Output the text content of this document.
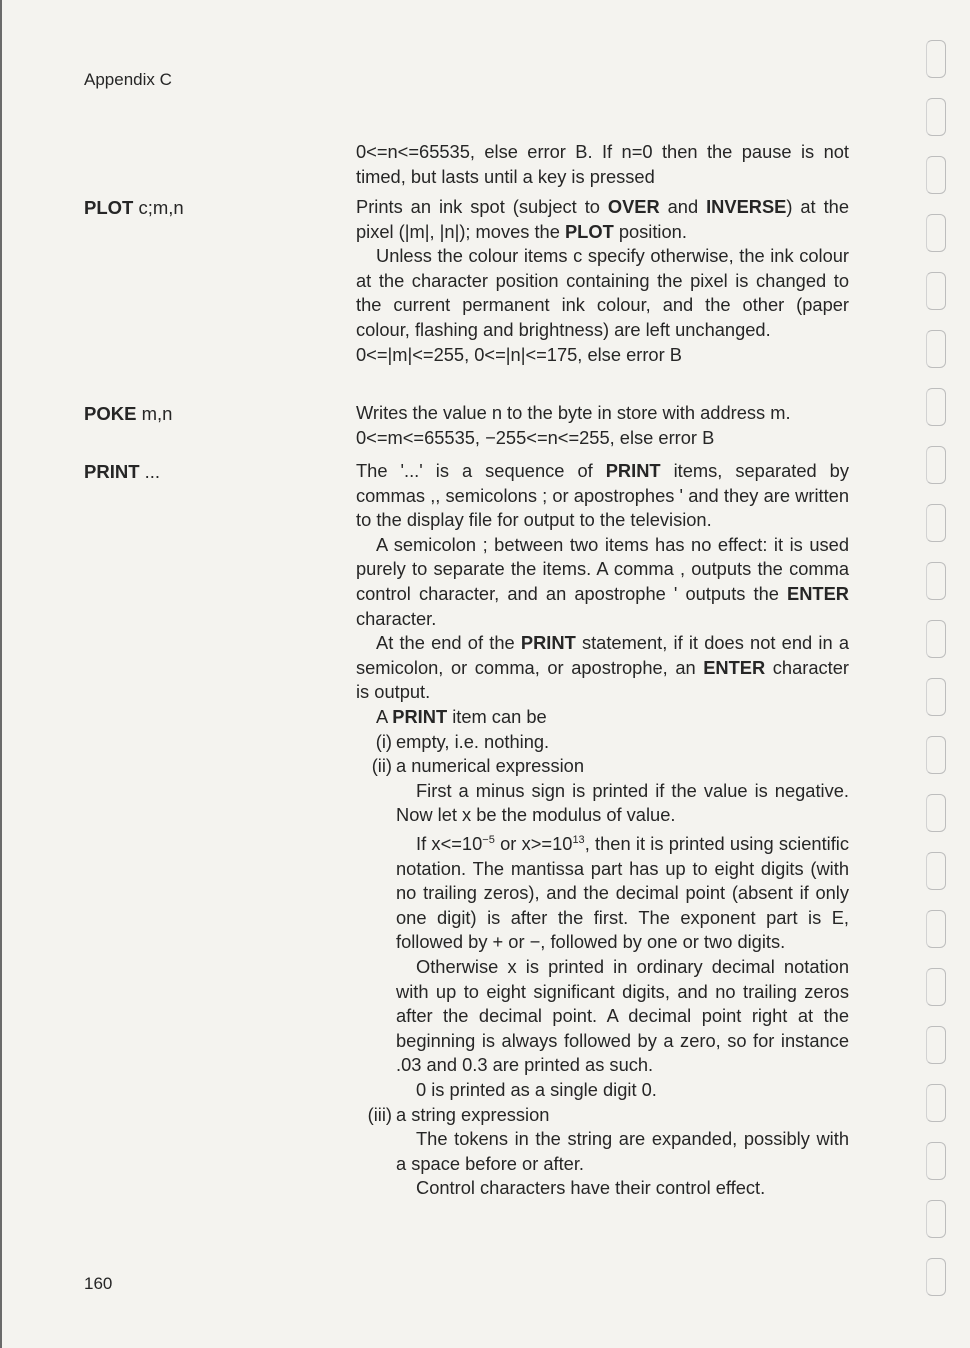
Appendix C

0<=n<=65535, else error B. If n=0 then the pause is not timed, but lasts until a key is pressed

PLOT c;m,n	Prints an ink spot (subject to OVER and INVERSE) at the pixel (|m|, |n|); moves the PLOT position.

Unless the colour items c specify otherwise, the ink colour at the character position containing the pixel is changed to the current permanent ink colour, and the other (paper colour, flashing and brightness) are left unchanged.

0<=|m|<=255, 0<=|n|<=175, else error B

POKE m,n	Writes the value n to the byte in store with address m.

0<=m<=65535, −255<=n<=255, else error B

PRINT ...	The '...' is a sequence of PRINT items, separated by commas ,, semicolons ; or apostrophes ' and they are written to the display file for output to the television.

A semicolon ; between two items has no effect: it is used purely to separate the items. A comma , outputs the comma control character, and an apostrophe ' outputs the ENTER character.

At the end of the PRINT statement, if it does not end in a semicolon, or comma, or apostrophe, an ENTER character is output.

A PRINT item can be

(i) empty, i.e. nothing.
(ii) a numerical expression

First a minus sign is printed if the value is negative. Now let x be the modulus of value.

If $x<=10^{-5}$ or $x>=10^{13}$, then it is printed using scientific notation. The mantissa part has up to eight digits (with no trailing zeros), and the decimal point (absent if only one digit) is after the first. The exponent part is E, followed by + or −, followed by one or two digits.

Otherwise x is printed in ordinary decimal notation with up to eight significant digits, and no trailing zeros after the decimal point. A decimal point right at the beginning is always followed by a zero, so for instance .03 and 0.3 are printed as such.

0 is printed as a single digit 0.

(iii) a string expression

The tokens in the string are expanded, possibly with a space before or after.

Control characters have their control effect.

160
